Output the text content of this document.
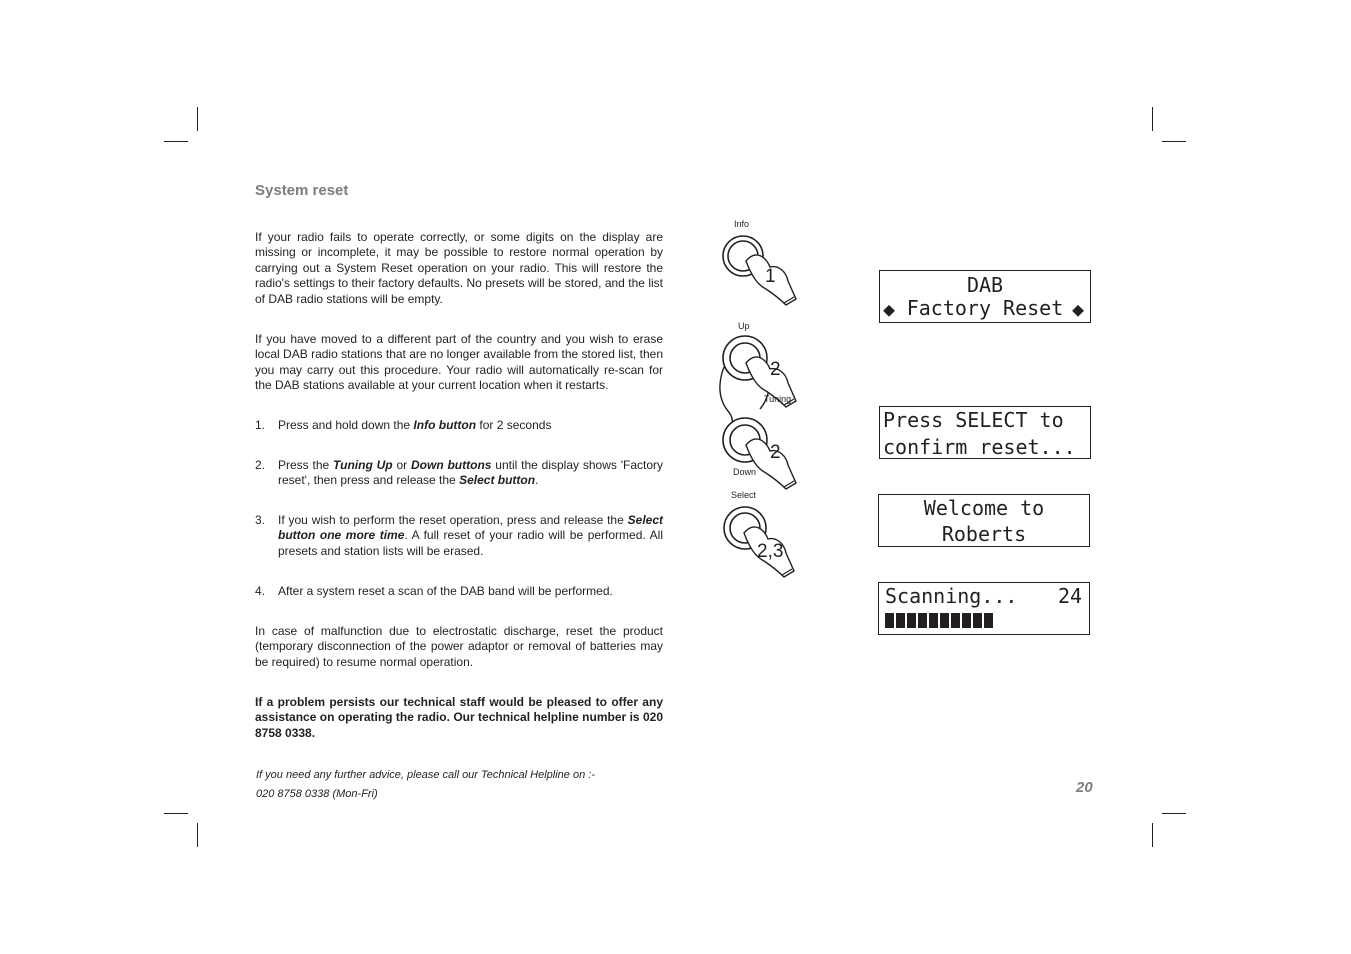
System reset
If your radio fails to operate correctly, or some digits on the display are missing or incomplete, it may be possible to restore normal operation by carrying out a System Reset operation on your radio. This will restore the radio's settings to their factory defaults. No presets will be stored, and the list of DAB radio stations will be empty.
If you have moved to a different part of the country and you wish to erase local DAB radio stations that are no longer available from the stored list, then you may carry out this procedure. Your radio will automatically re-scan for the DAB stations available at your current location when it restarts.
1. Press and hold down the Info button for 2 seconds
2. Press the Tuning Up or Down buttons until the display shows 'Factory reset', then press and release the Select button.
3. If you wish to perform the reset operation, press and release the Select button one more time. A full reset of your radio will be performed. All presets and station lists will be erased.
4. After a system reset a scan of the DAB band will be performed.
In case of malfunction due to electrostatic discharge, reset the product (temporary disconnection of the power adaptor or removal of batteries may be required) to resume normal operation.
If a problem persists our technical staff would be pleased to offer any assistance on operating the radio. Our technical helpline number is 020 8758 0338.
If you need any further advice, please call our Technical Helpline on :-
020 8758 0338 (Mon-Fri)	20
Info
1
Up
2
Tuning
2
Down
Select
2,3
DAB
◆ Factory Reset ◆
Press SELECT to
confirm reset...
Welcome to
Roberts
Scanning... 24
